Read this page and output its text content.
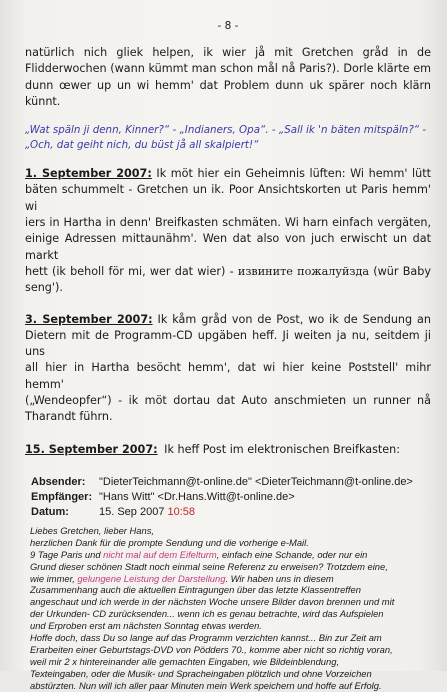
- 8 -

natürlich nich gliek helpen, ik wier jå mit Gretchen gråd in de

Flidderwochen (wann kümmt man schon mål nå Paris?). Dorle klärte em

dunn œwer up un wi hemm' dat Problem dunn uk spärer noch klärn künnt.

„Wat späln ji denn, Kinner?“ - „Indianers, Opa“. - „Sall ik 'n bäten mitspäln?“ -

„Och, dat geiht nich, du büst jå all skalpiert!“

1. September 2007: Ik möt hier ein Geheimnis lüften: Wi hemm' lütt

bäten schummelt - Gretchen un ik. Poor Ansichtskorten ut Paris hemm' wi

iers in Hartha in denn' Breifkasten schmäten. Wi harn einfach vergäten,

einige Adressen mittaunähm'. Wen dat also von juch erwischt un dat markt

hett (ik beholl för mi, wer dat wier) - извините пожалуйзда (wür Baby

seng').

3. September 2007: Ik kåm gråd von de Post, wo ik de Sendung an

Dietern mit de Programm-CD upgäben heff. Ji weiten ja nu, seitdem ji uns

all hier in Hartha besöcht hemm', dat wi hier keine Poststell' mihr hemm'

(„Wendeopfer“) - ik möt dortau dat Auto anschmieten un runner nå

Tharandt führn.

15. September 2007: Ik heff Post im elektronischen Breifkasten:

Absender: "DieterTeichmann@t-online.de" <DieterTeichmann@t-online.de>
Empfänger: "Hans Witt" <Dr.Hans.Witt@t-online.de>
Datum:	15. Sep 2007 10:58

Liebes Gretchen, lieber Hans,

herzlichen Dank für die prompte Sendung und die vorherige e-Mail.

9 Tage Paris und nicht mal auf dem Eifelturm, einfach eine Schande, oder nur ein

Grund dieser schönen Stadt noch einmal seine Referenz zu erweisen? Trotzdem eine,

wie immer, gelungene Leistung der Darstellung. Wir haben uns in diesem

Zusammenhang auch die aktuellen Eintragungen über das letzte Klassentreffen

angeschaut und ich werde in der nächsten Woche unsere Bilder davon brennen und mit

der Urkunden- CD zurücksenden... wenn ich es genau betrachte, wird das Aufspielen

und Erproben erst am nächsten Sonntag etwas werden.

Hoffe doch, dass Du so lange auf das Programm verzichten kannst... Bin zur Zeit am

Erarbeiten einer Geburtstags-DVD von Pödders 70., komme aber nicht so richtig voran,

weil mir 2 x hintereinander alle gemachten Eingaben, wie Bildeinblendung,

Texteingaben, oder die Musik- und Spracheingaben plötzlich und ohne Vorzeichen

abstürzten. Nun will ich aller paar Minuten mein Werk speichern und hoffe auf Erfolg.
